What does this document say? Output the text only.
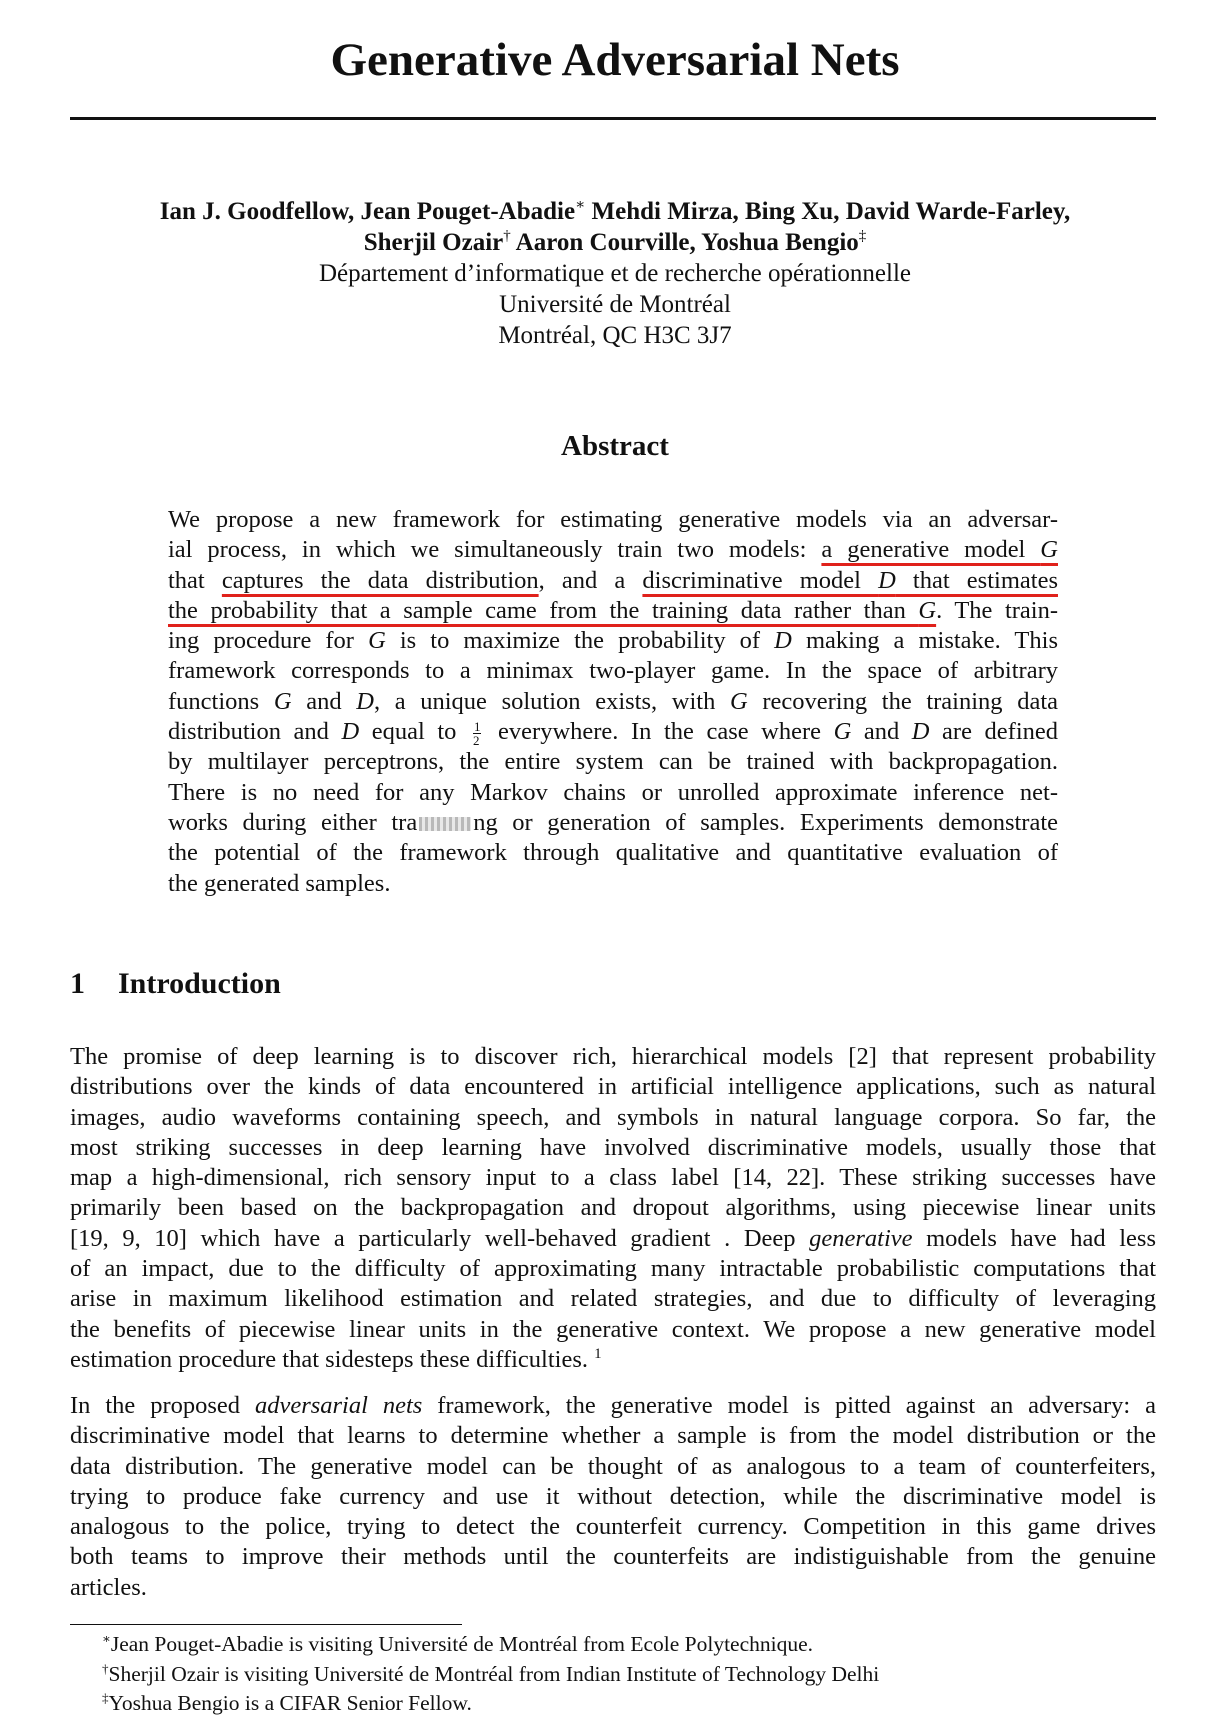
Generative Adversarial Nets
Ian J. Goodfellow, Jean Pouget-Abadie∗ Mehdi Mirza, Bing Xu, David Warde-Farley,
Sherjil Ozair† Aaron Courville, Yoshua Bengio‡
Département d’informatique et de recherche opérationnelle
Université de Montréal
Montréal, QC H3C 3J7
Abstract
We propose a new framework for estimating generative models via an adversar-
ial process, in which we simultaneously train two models: a generative model G
that captures the data distribution, and a discriminative model D that estimates
the probability that a sample came from the training data rather than G. The train-
ing procedure for G is to maximize the probability of D making a mistake. This
framework corresponds to a minimax two-player game. In the space of arbitrary
functions G and D, a unique solution exists, with G recovering the training data
distribution and D equal to $\frac{1}{2}$ everywhere. In the case where G and D are defined
by multilayer perceptrons, the entire system can be trained with backpropagation.
There is no need for any Markov chains or unrolled approximate inference net-
works during either tra ng or generation of samples. Experiments demonstrate
the potential of the framework through qualitative and quantitative evaluation of
the generated samples.
1 Introduction
The promise of deep learning is to discover rich, hierarchical models [2] that represent probability
distributions over the kinds of data encountered in artificial intelligence applications, such as natural
images, audio waveforms containing speech, and symbols in natural language corpora. So far, the
most striking successes in deep learning have involved discriminative models, usually those that
map a high-dimensional, rich sensory input to a class label [14, 22]. These striking successes have
primarily been based on the backpropagation and dropout algorithms, using piecewise linear units
[19, 9, 10] which have a particularly well-behaved gradient . Deep generative models have had less
of an impact, due to the difficulty of approximating many intractable probabilistic computations that
arise in maximum likelihood estimation and related strategies, and due to difficulty of leveraging
the benefits of piecewise linear units in the generative context. We propose a new generative model
estimation procedure that sidesteps these difficulties. $^1$
In the proposed adversarial nets framework, the generative model is pitted against an adversary: a
discriminative model that learns to determine whether a sample is from the model distribution or the
data distribution. The generative model can be thought of as analogous to a team of counterfeiters,
trying to produce fake currency and use it without detection, while the discriminative model is
analogous to the police, trying to detect the counterfeit currency. Competition in this game drives
both teams to improve their methods until the counterfeits are indistiguishable from the genuine
articles.
∗Jean Pouget-Abadie is visiting Université de Montréal from Ecole Polytechnique.
†Sherjil Ozair is visiting Université de Montréal from Indian Institute of Technology Delhi
‡Yoshua Bengio is a CIFAR Senior Fellow.
